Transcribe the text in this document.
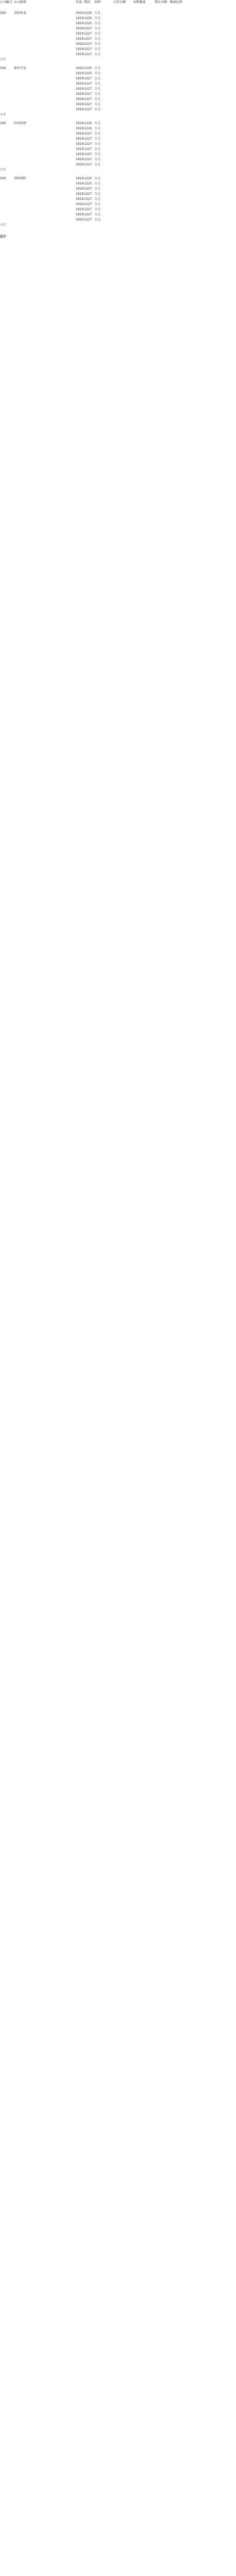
公司编号 公司简称	年度 期间	币种	去年余额	本期增减	期末余额 增减比例
300	信阳药业	1919 1225 万元
1919 1225 万元
1919 1225 万元
1919 1227 万元
1919 1227 万元
1919 1227 万元
1919 1227 万元
1919 1227 万元
1919 1227 万元
小计
300	新药开发	1919 1225 万元
1919 1225 万元
1919 1227 万元
1919 1227 万元
1919 1227 万元
1919 1227 万元
1919 1227 万元
1919 1227 万元
1919 1227 万元
小计
300	医药药材	1919 1225 万元
1919 1225 万元
1919 1227 万元
1919 1227 万元
1919 1227 万元
1919 1227 万元
1919 1227 万元
1919 1227 万元
1919 1227 万元
小计
300	信阳制药	1919 1225 万元
1919 1225 万元
1919 1227 万元
1919 1227 万元
1919 1227 万元
1919 1227 万元
1919 1227 万元
1919 1227 万元
1919 1227 万元
小计
总计
